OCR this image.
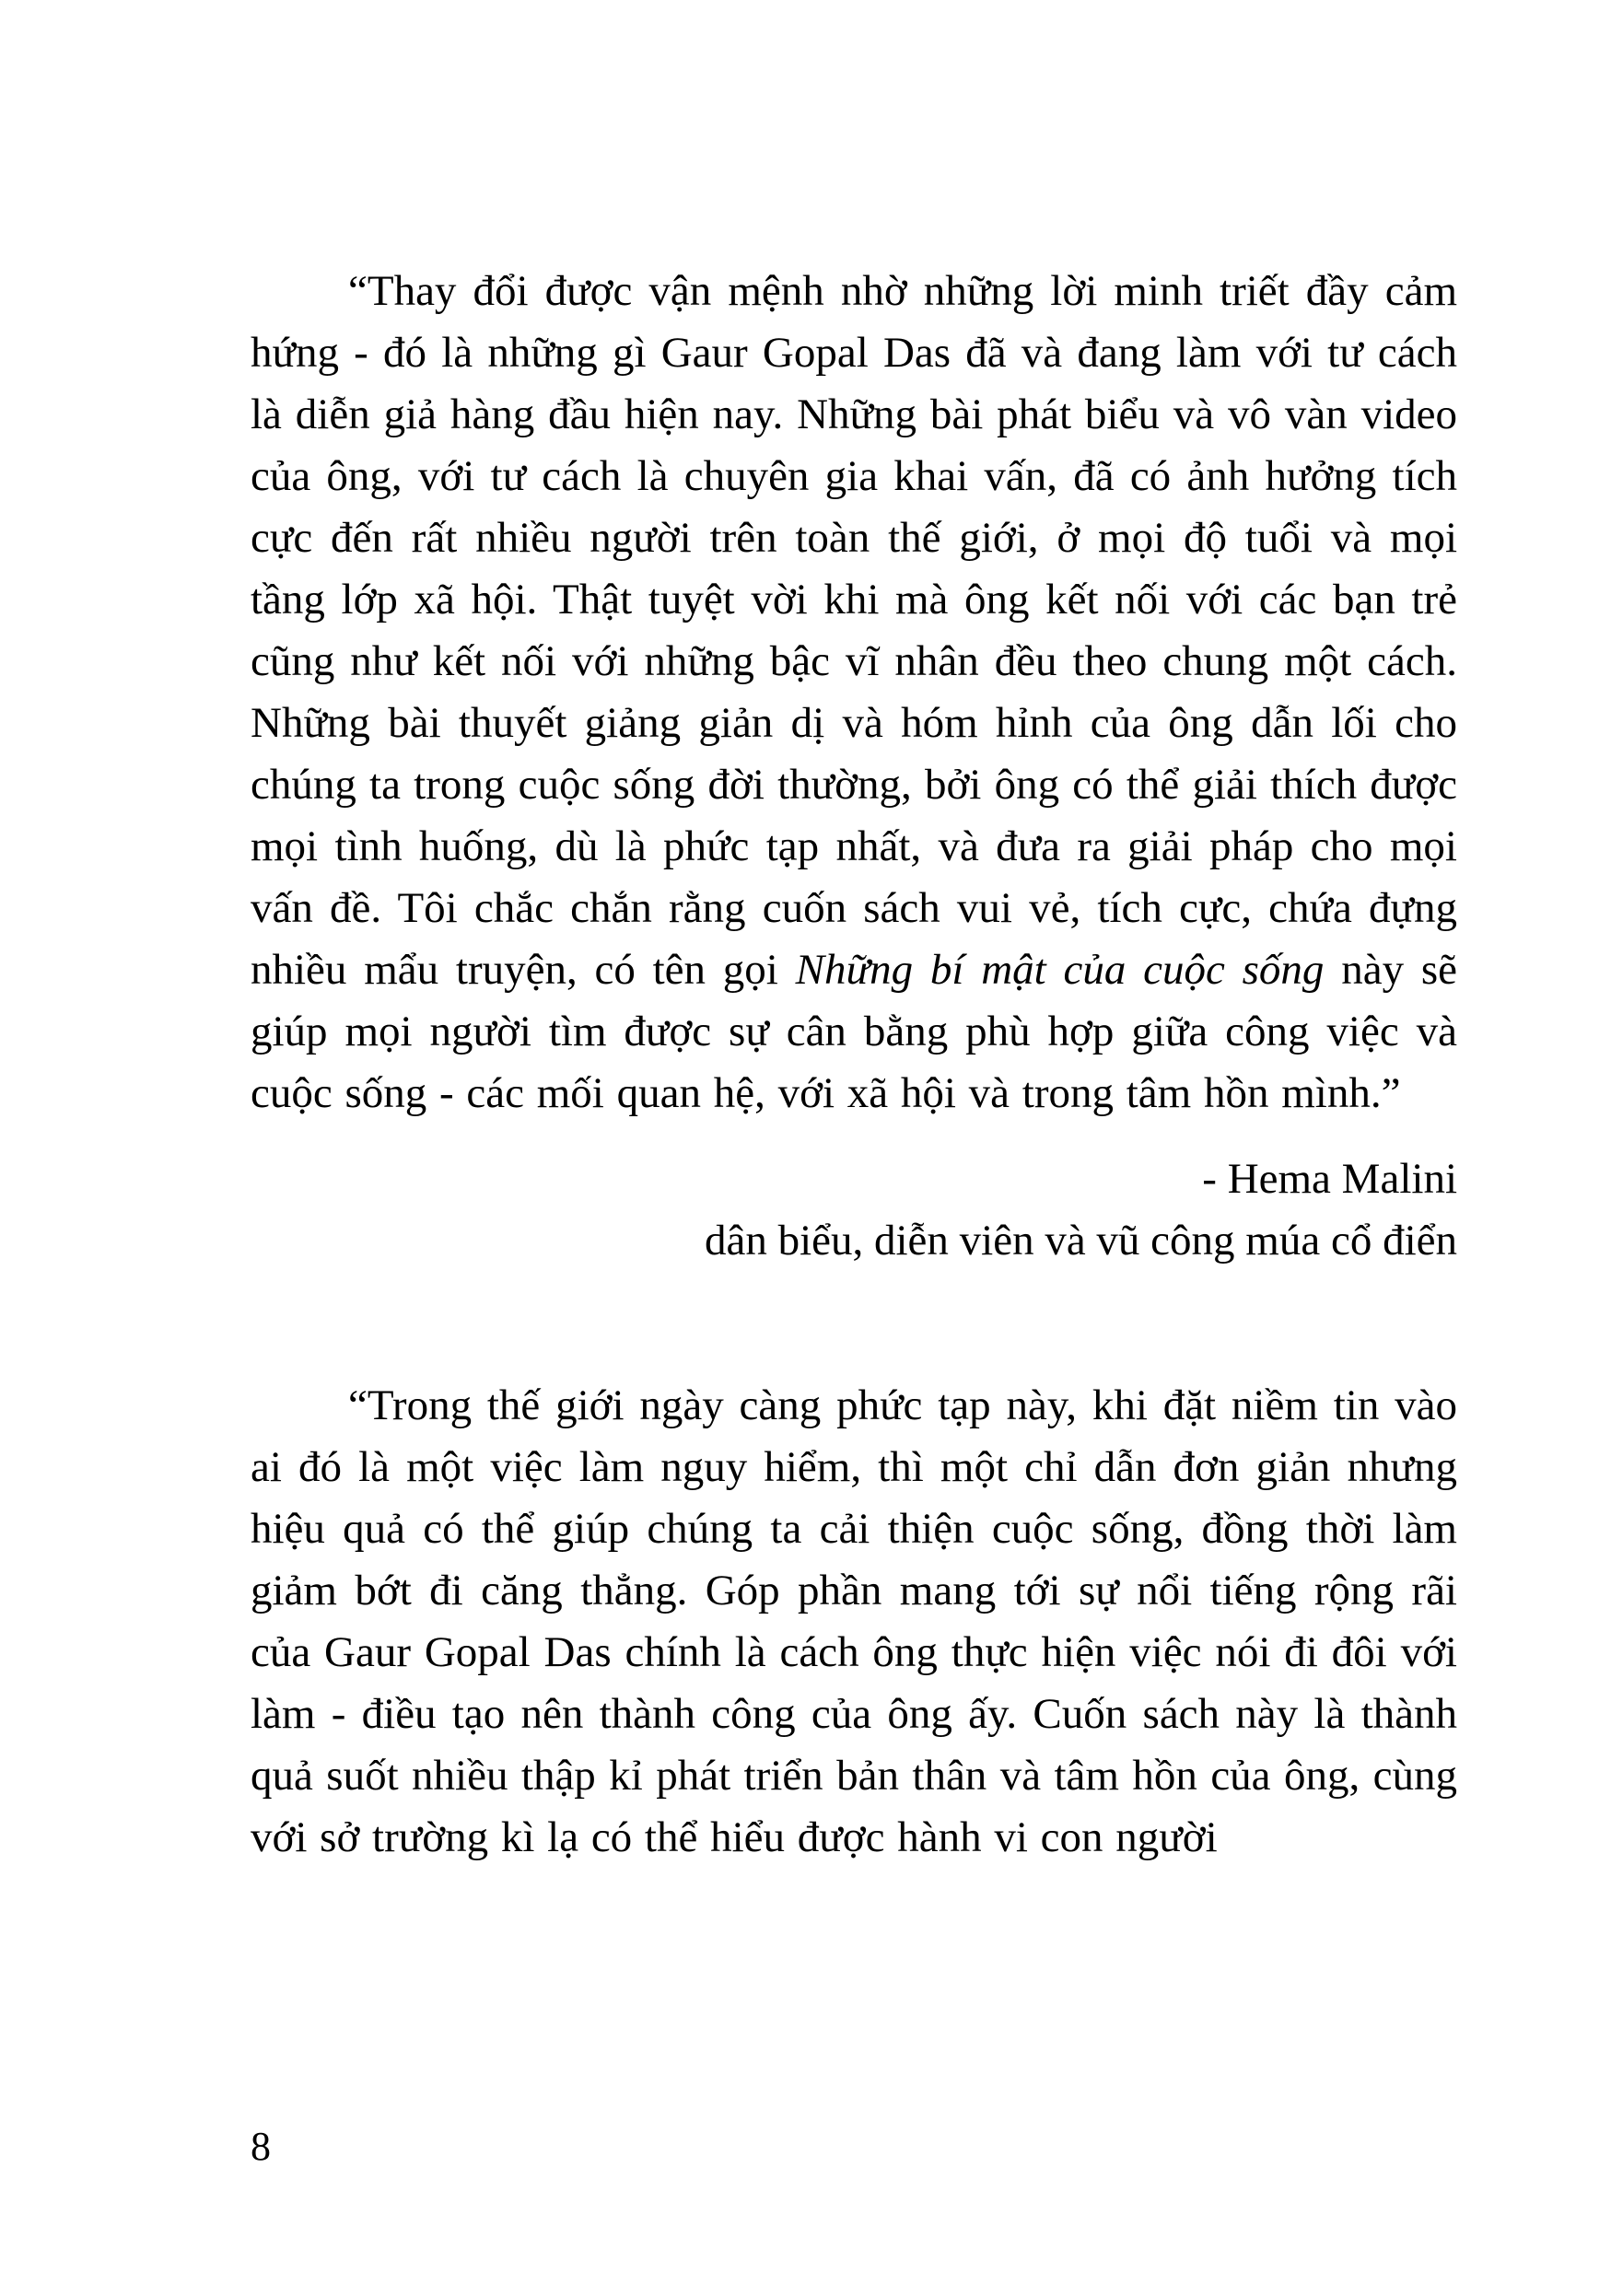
“Thay đổi được vận mệnh nhờ những lời minh triết đầy cảm hứng - đó là những gì Gaur Gopal Das đã và đang làm với tư cách là diễn giả hàng đầu hiện nay. Những bài phát biểu và vô vàn video của ông, với tư cách là chuyên gia khai vấn, đã có ảnh hưởng tích cực đến rất nhiều người trên toàn thế giới, ở mọi độ tuổi và mọi tầng lớp xã hội. Thật tuyệt vời khi mà ông kết nối với các bạn trẻ cũng như kết nối với những bậc vĩ nhân đều theo chung một cách. Những bài thuyết giảng giản dị và hóm hỉnh của ông dẫn lối cho chúng ta trong cuộc sống đời thường, bởi ông có thể giải thích được mọi tình huống, dù là phức tạp nhất, và đưa ra giải pháp cho mọi vấn đề. Tôi chắc chắn rằng cuốn sách vui vẻ, tích cực, chứa đựng nhiều mẩu truyện, có tên gọi Những bí mật của cuộc sống này sẽ giúp mọi người tìm được sự cân bằng phù hợp giữa công việc và cuộc sống - các mối quan hệ, với xã hội và trong tâm hồn mình.”

- Hema Malini
dân biểu, diễn viên và vũ công múa cổ điển

“Trong thế giới ngày càng phức tạp này, khi đặt niềm tin vào ai đó là một việc làm nguy hiểm, thì một chỉ dẫn đơn giản nhưng hiệu quả có thể giúp chúng ta cải thiện cuộc sống, đồng thời làm giảm bớt đi căng thẳng. Góp phần mang tới sự nổi tiếng rộng rãi của Gaur Gopal Das chính là cách ông thực hiện việc nói đi đôi với làm - điều tạo nên thành công của ông ấy. Cuốn sách này là thành quả suốt nhiều thập kỉ phát triển bản thân và tâm hồn của ông, cùng với sở trường kì lạ có thể hiểu được hành vi con người

8
